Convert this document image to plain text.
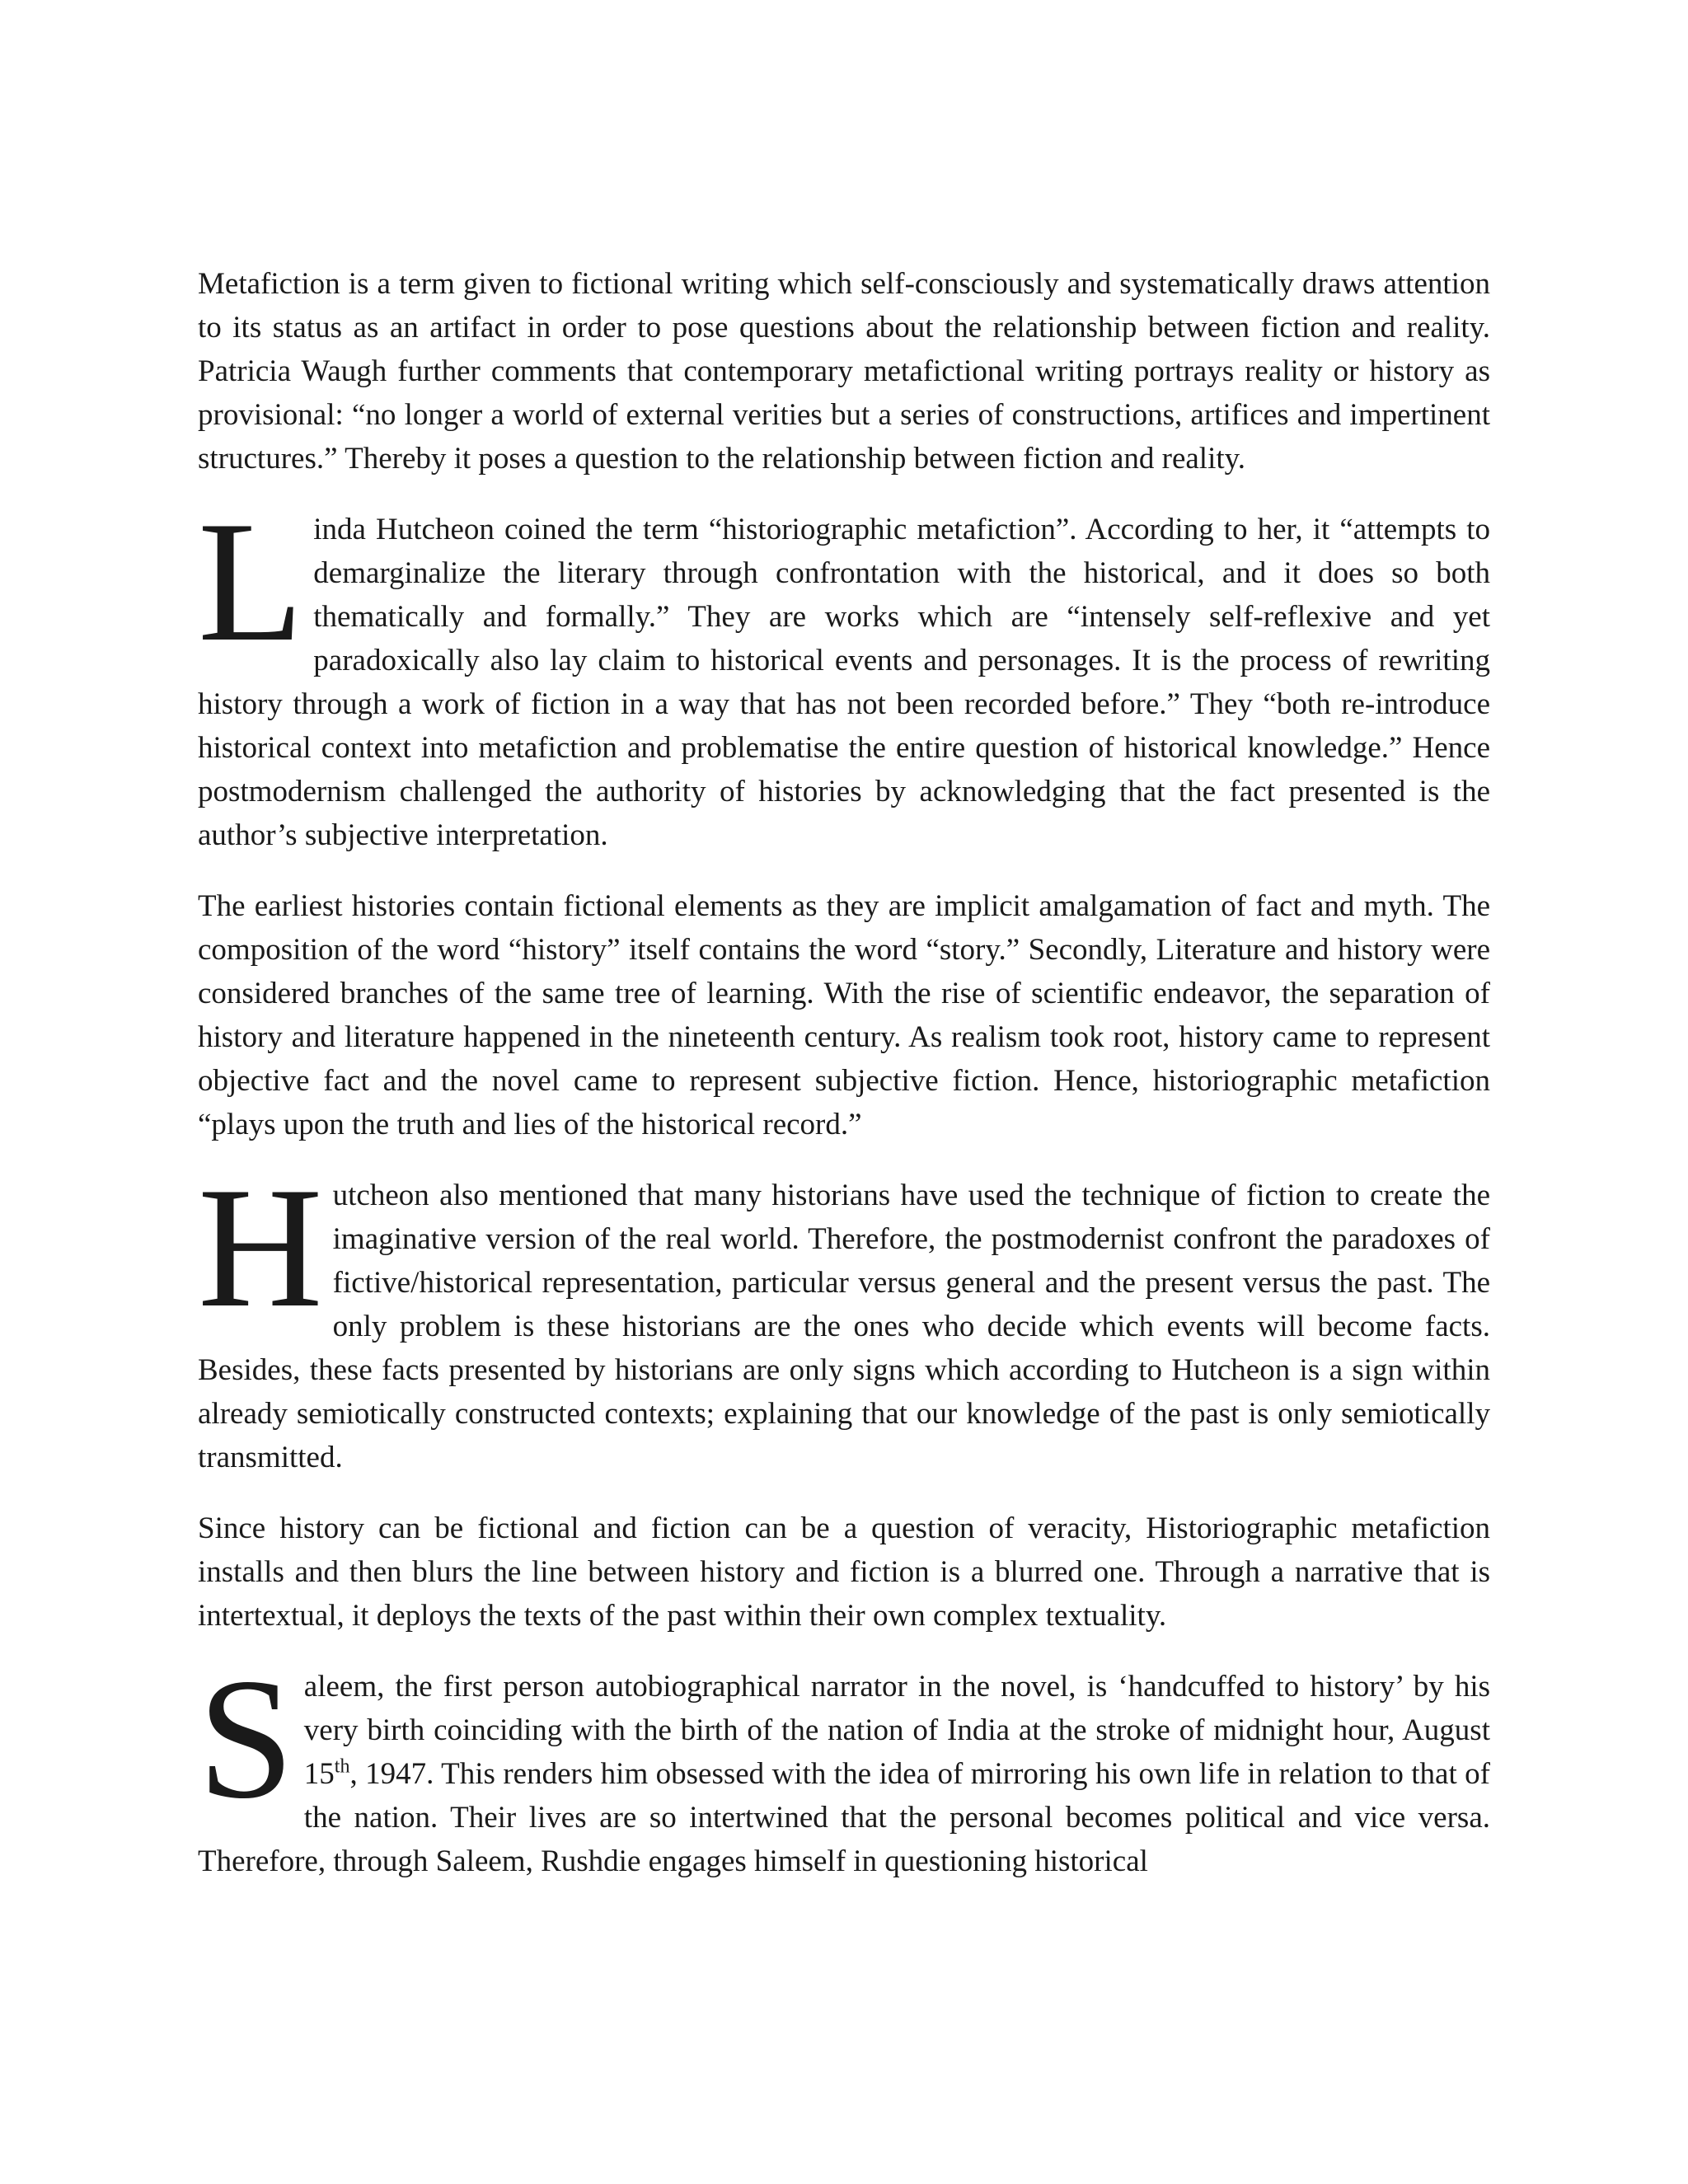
Metafiction is a term given to fictional writing which self-consciously and systematically draws attention to its status as an artifact in order to pose questions about the relationship between fiction and reality. Patricia Waugh further comments that contemporary metafictional writing portrays reality or history as provisional: “no longer a world of external verities but a series of constructions, artifices and impertinent structures.” Thereby it poses a question to the relationship between fiction and reality.

L inda Hutcheon coined the term “historiographic metafiction”. According to her, it “attempts to demarginalize the literary through confrontation with the historical, and it does so both thematically and formally.” They are works which are “intensely self-reflexive and yet paradoxically also lay claim to historical events and personages. It is the process of rewriting history through a work of fiction in a way that has not been recorded before.” They “both re-introduce historical context into metafiction and problematise the entire question of historical knowledge.” Hence postmodernism challenged the authority of histories by acknowledging that the fact presented is the author’s subjective interpretation.

The earliest histories contain fictional elements as they are implicit amalgamation of fact and myth. The composition of the word “history” itself contains the word “story.” Secondly, Literature and history were considered branches of the same tree of learning. With the rise of scientific endeavor, the separation of history and literature happened in the nineteenth century. As realism took root, history came to represent objective fact and the novel came to represent subjective fiction. Hence, historiographic metafiction “plays upon the truth and lies of the historical record.”

H utcheon also mentioned that many historians have used the technique of fiction to create the imaginative version of the real world. Therefore, the postmodernist confront the paradoxes of fictive/historical representation, particular versus general and the present versus the past. The only problem is these historians are the ones who decide which events will become facts. Besides, these facts presented by historians are only signs which according to Hutcheon is a sign within already semiotically constructed contexts; explaining that our knowledge of the past is only semiotically transmitted.

Since history can be fictional and fiction can be a question of veracity, Historiographic metafiction installs and then blurs the line between history and fiction is a blurred one. Through a narrative that is intertextual, it deploys the texts of the past within their own complex textuality.

S aleem, the first person autobiographical narrator in the novel, is ‘handcuffed to history’ by his very birth coinciding with the birth of the nation of India at the stroke of midnight hour, August 15th, 1947. This renders him obsessed with the idea of mirroring his own life in relation to that of the nation. Their lives are so intertwined that the personal becomes political and vice versa. Therefore, through Saleem, Rushdie engages himself in questioning historical
